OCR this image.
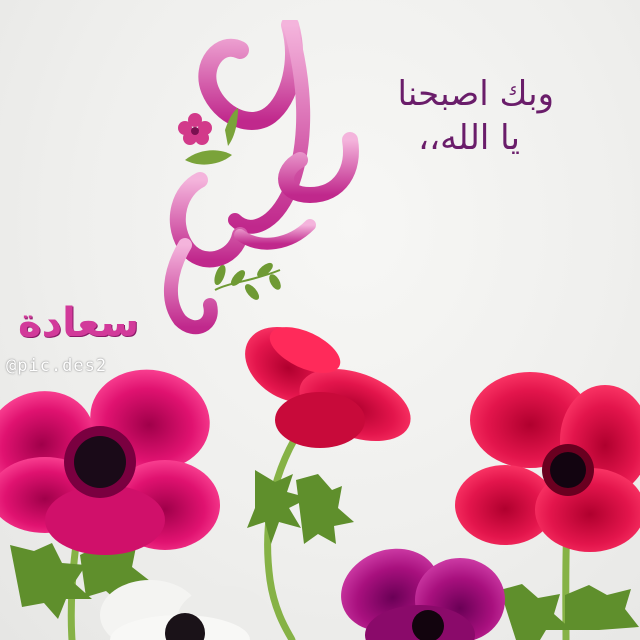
وبك اصبحنا
يا الله،،
سعادة
@pic.des2
